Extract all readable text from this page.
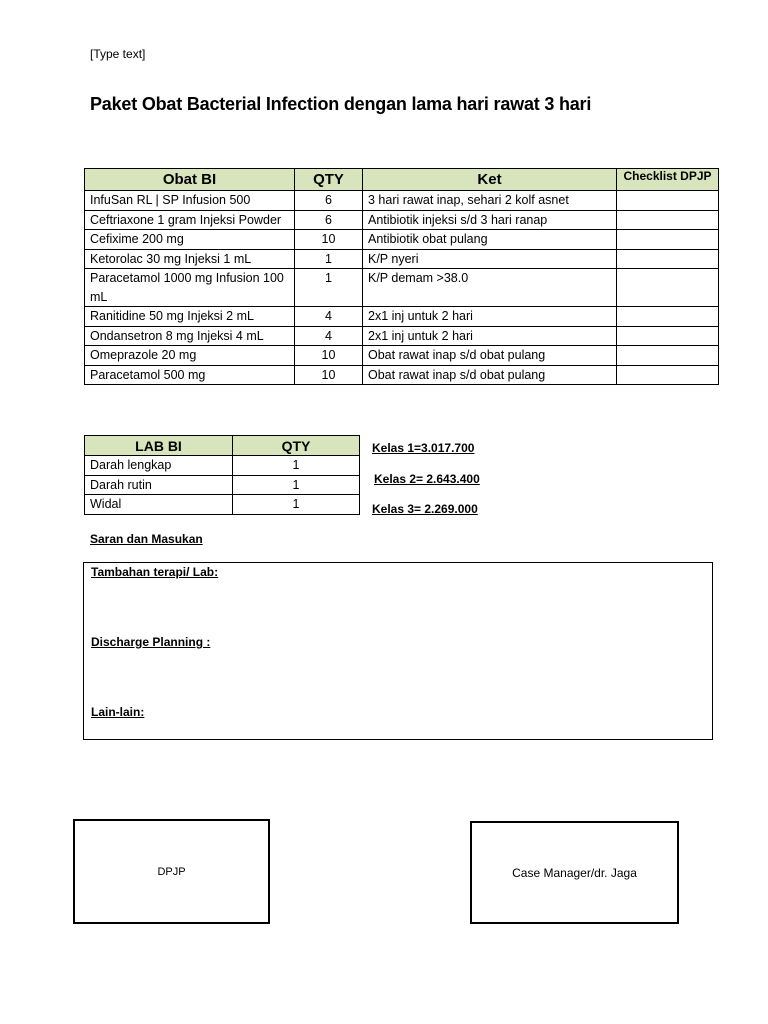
[Type text]
Paket Obat Bacterial Infection dengan lama hari rawat 3 hari
Obat BI	QTY	Ket	Checklist DPJP
InfuSan RL | SP Infusion 500	6	3 hari rawat inap, sehari 2 kolf asnet	
Ceftriaxone 1 gram Injeksi Powder	6	Antibiotik injeksi s/d 3 hari ranap	
Cefixime 200 mg	10	Antibiotik obat pulang	
Ketorolac 30 mg Injeksi 1 mL	1	K/P nyeri	
Paracetamol 1000 mg Infusion 100 mL	1	K/P demam >38.0	
Ranitidine 50 mg Injeksi 2 mL	4	2x1 inj untuk 2 hari	
Ondansetron 8 mg Injeksi 4 mL	4	2x1 inj untuk 2 hari	
Omeprazole 20 mg	10	Obat rawat inap s/d obat pulang	
Paracetamol 500 mg	10	Obat rawat inap s/d obat pulang	
LAB BI	QTY
Darah lengkap	1
Darah rutin	1
Widal	1
Kelas 1=3.017.700
Kelas 2= 2.643.400
Kelas 3= 2.269.000
Saran dan Masukan
Tambahan terapi/ Lab:
Discharge Planning :
Lain-lain:
DPJP	Case Manager/dr. Jaga
